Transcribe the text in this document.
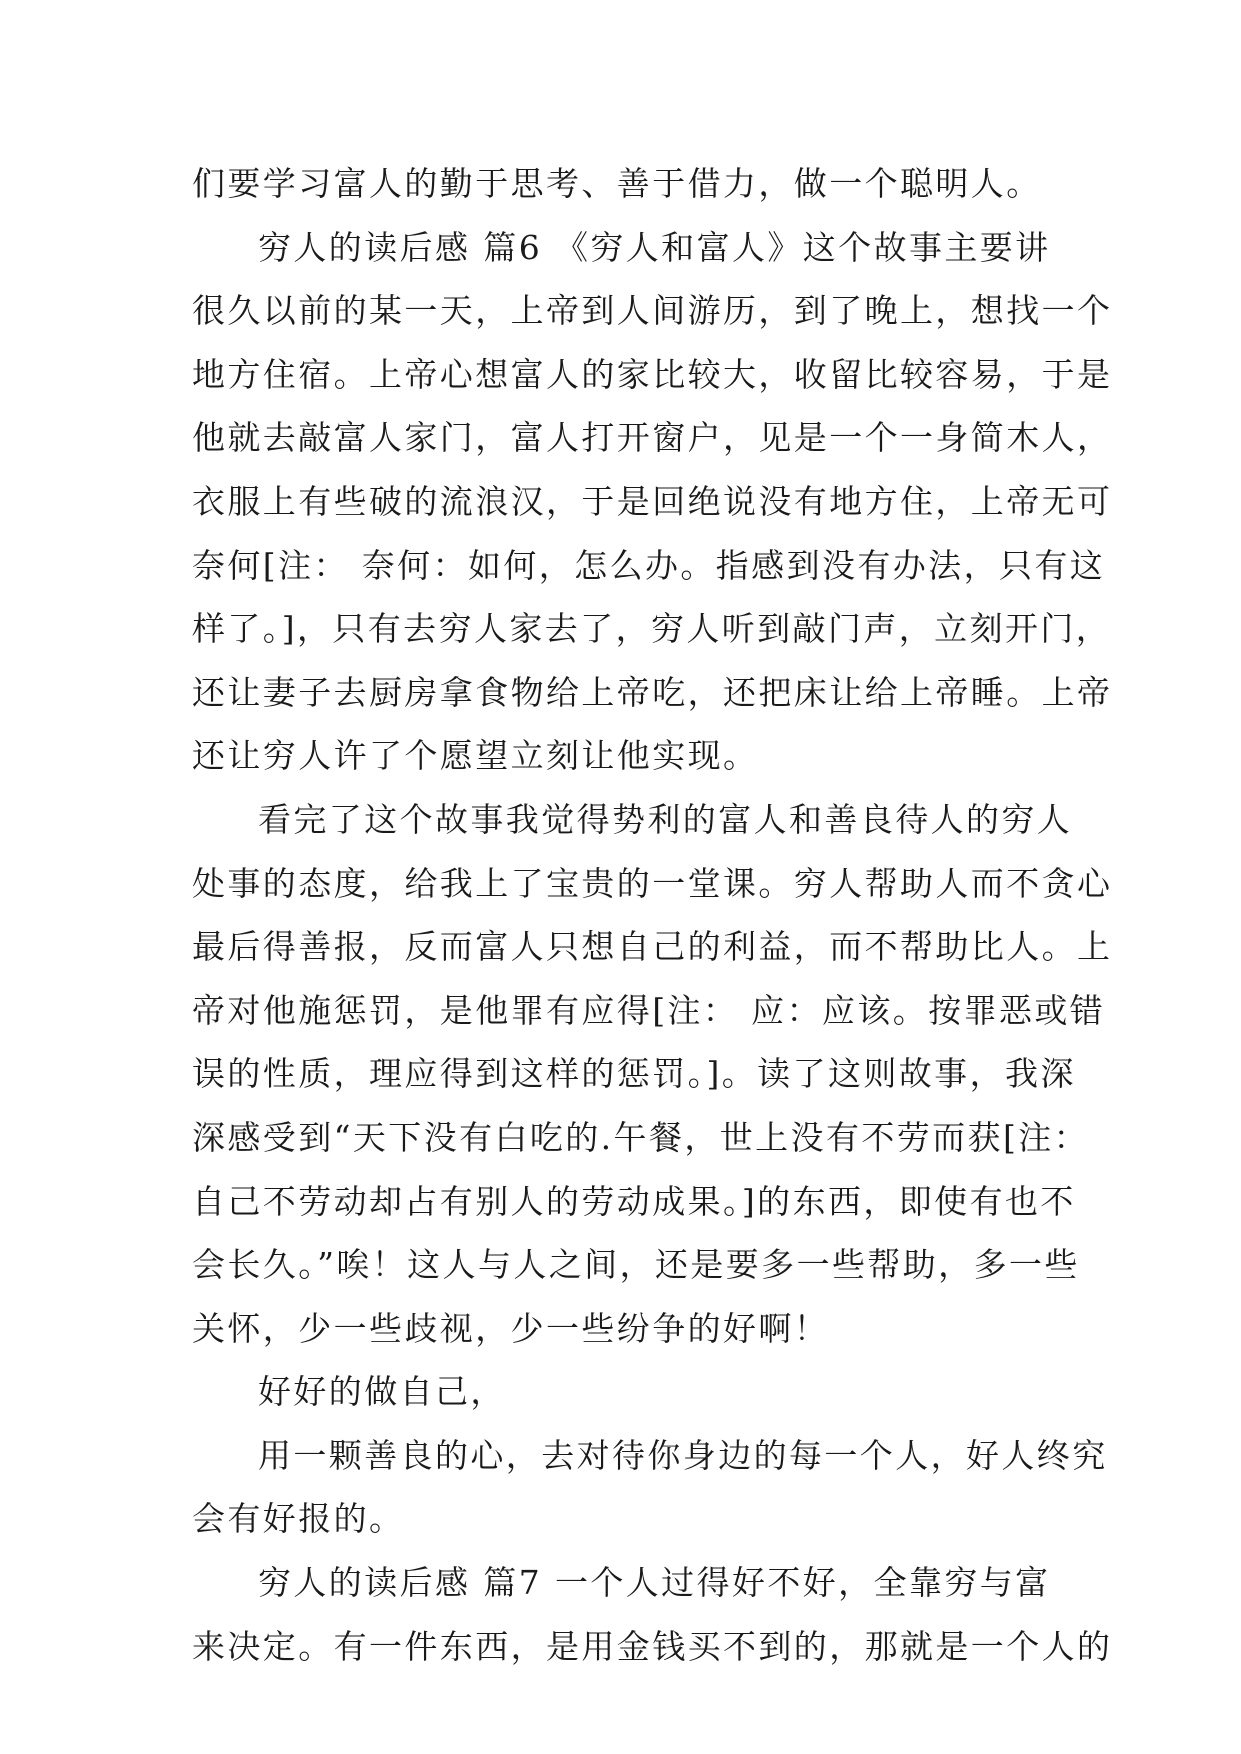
们要学习富人的勤于思考、善于借力，做一个聪明人。
穷人的读后感 篇6 《穷人和富人》这个故事主要讲
很久以前的某一天，上帝到人间游历，到了晚上，想找一个
地方住宿。上帝心想富人的家比较大，收留比较容易，于是
他就去敲富人家门，富人打开窗户，见是一个一身简木人，
衣服上有些破的流浪汉，于是回绝说没有地方住，上帝无可
奈何[注： 奈何：如何，怎么办。指感到没有办法，只有这
样了。]，只有去穷人家去了，穷人听到敲门声，立刻开门，
还让妻子去厨房拿食物给上帝吃，还把床让给上帝睡。上帝
还让穷人许了个愿望立刻让他实现。
看完了这个故事我觉得势利的富人和善良待人的穷人
处事的态度，给我上了宝贵的一堂课。穷人帮助人而不贪心
最后得善报，反而富人只想自己的利益，而不帮助比人。上
帝对他施惩罚，是他罪有应得[注： 应：应该。按罪恶或错
误的性质，理应得到这样的惩罚。]。读了这则故事，我深
深感受到“天下没有白吃的.午餐，世上没有不劳而获[注：
自己不劳动却占有别人的劳动成果。]的东西，即使有也不
会长久。”唉！这人与人之间，还是要多一些帮助，多一些
关怀，少一些歧视，少一些纷争的好啊！
好好的做自己，
用一颗善良的心，去对待你身边的每一个人，好人终究
会有好报的。
穷人的读后感 篇7 一个人过得好不好，全靠穷与富
来决定。有一件东西，是用金钱买不到的，那就是一个人的
